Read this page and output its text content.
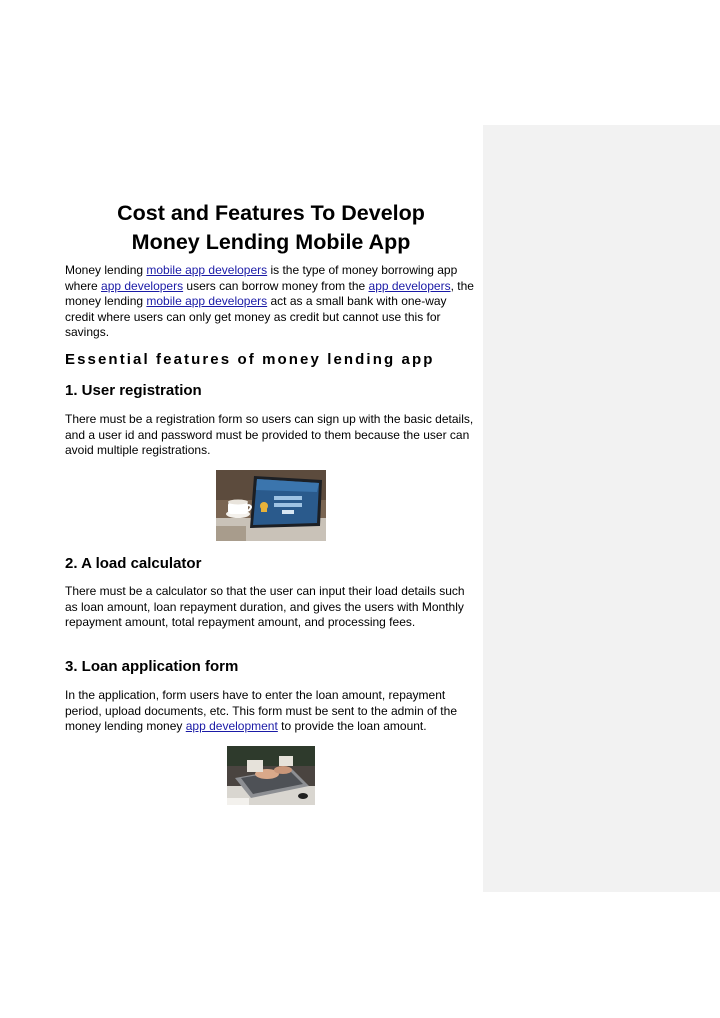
Cost and Features To Develop
Money Lending Mobile App

Money lending mobile app developers is the type of money borrowing app where app developers users can borrow money from the app developers, the money lending mobile app developers act as a small bank with one-way credit where users can only get money as credit but cannot use this for savings.

Essential features of money lending app
1. User registration

There must be a registration form so users can sign up with the basic details, and a user id and password must be provided to them because the user can avoid multiple registrations.

2. A load calculator

There must be a calculator so that the user can input their load details such as loan amount, loan repayment duration, and gives the users with Monthly repayment amount, total repayment amount, and processing fees.

3. Loan application form

In the application, form users have to enter the loan amount, repayment period, upload documents, etc. This form must be sent to the admin of the money lending money app development to provide the loan amount.
